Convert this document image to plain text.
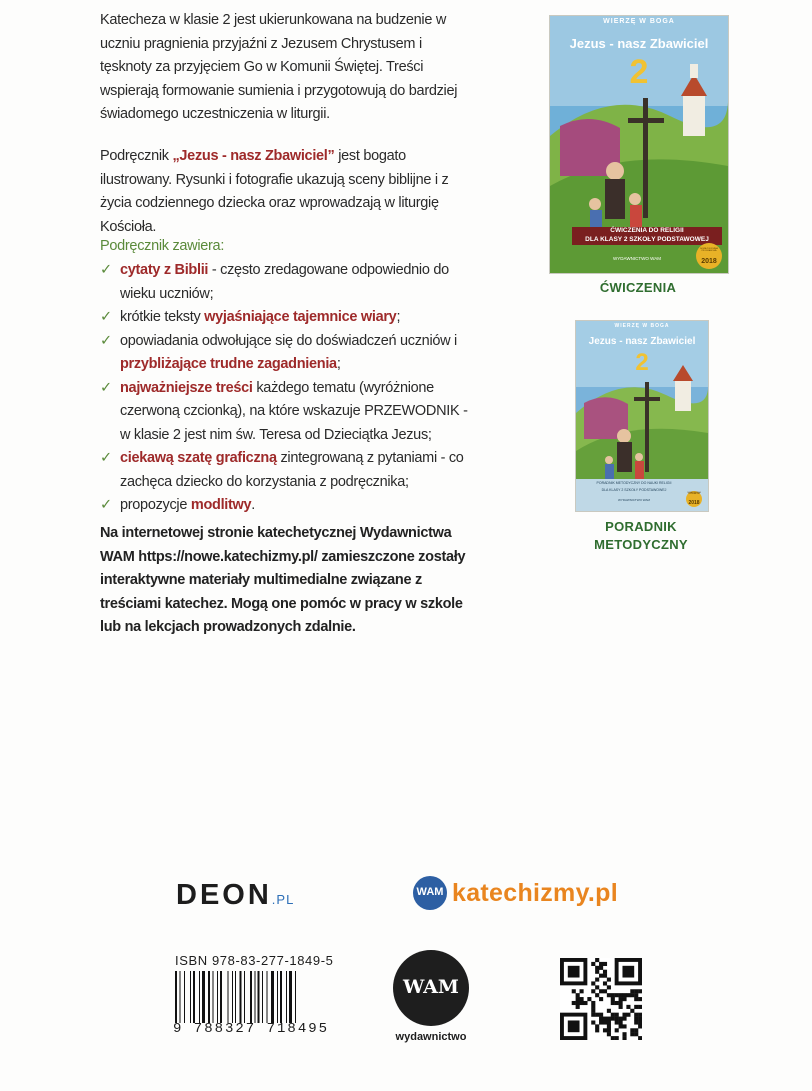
Katecheza w klasie 2 jest ukierunkowana na budzenie w uczniu pragnienia przyjaźni z Jezusem Chrystusem i tęsknoty za przyjęciem Go w Komunii Świętej. Treści wspierają formowanie sumienia i przygotowują do bardziej świadomego uczestniczenia w liturgii.
Podręcznik „Jezus - nasz Zbawiciel” jest bogato ilustrowany. Rysunki i fotografie ukazują sceny biblijne i z życia codziennego dziecka oraz wprowadzają w liturgię Kościoła.
Podręcznik zawiera:
✓ cytaty z Biblii - często zredagowane odpowiednio do wieku uczniów;
✓ krótkie teksty wyjaśniające tajemnice wiary;
✓ opowiadania odwołujące się do doświadczeń uczniów i przybliżające trudne zagadnienia;
✓ najważniejsze treści każdego tematu (wyróżnione czerwoną czcionką), na które wskazuje PRZEWODNIK - w klasie 2 jest nim św. Teresa od Dzieciątka Jezus;
✓ ciekawą szatę graficzną zintegrowaną z pytaniami - co zachęca dziecko do korzystania z podręcznika;
✓ propozycje modlitwy.
Na internetowej stronie katechetycznej Wydawnictwa WAM https://nowe.katechizmy.pl/ zamieszczone zostały interaktywne materiały multimedialne związane z treściami katechez. Mogą one pomóc w pracy w szkole lub na lekcjach prowadzonych zdalnie.
WIERZĘ W BOGA
Jezus - nasz Zbawiciel
2
ĆWICZENIA DO RELIGII
DLA KLASY 2 SZKOŁY PODSTAWOWEJ
WYDAWNICTWO WAM
NOWA PODSTAWA PROGRAMOWA
2018
ĆWICZENIA
WIERZĘ W BOGA
Jezus - nasz Zbawiciel
2
PORADNIK METODYCZNY DO NAUKI RELIGII
DLA KLASY 2 SZKOŁY PODSTAWOWEJ
WYDAWNICTWO WAM
NOWA PODSTAWA PROGRAMOWA
2018
PORADNIK METODYCZNY
DEON.PL	WAM katechizmy.pl
ISBN 978-83-277-1849-5
9 788327 718495
WAM
wydawnictwo
